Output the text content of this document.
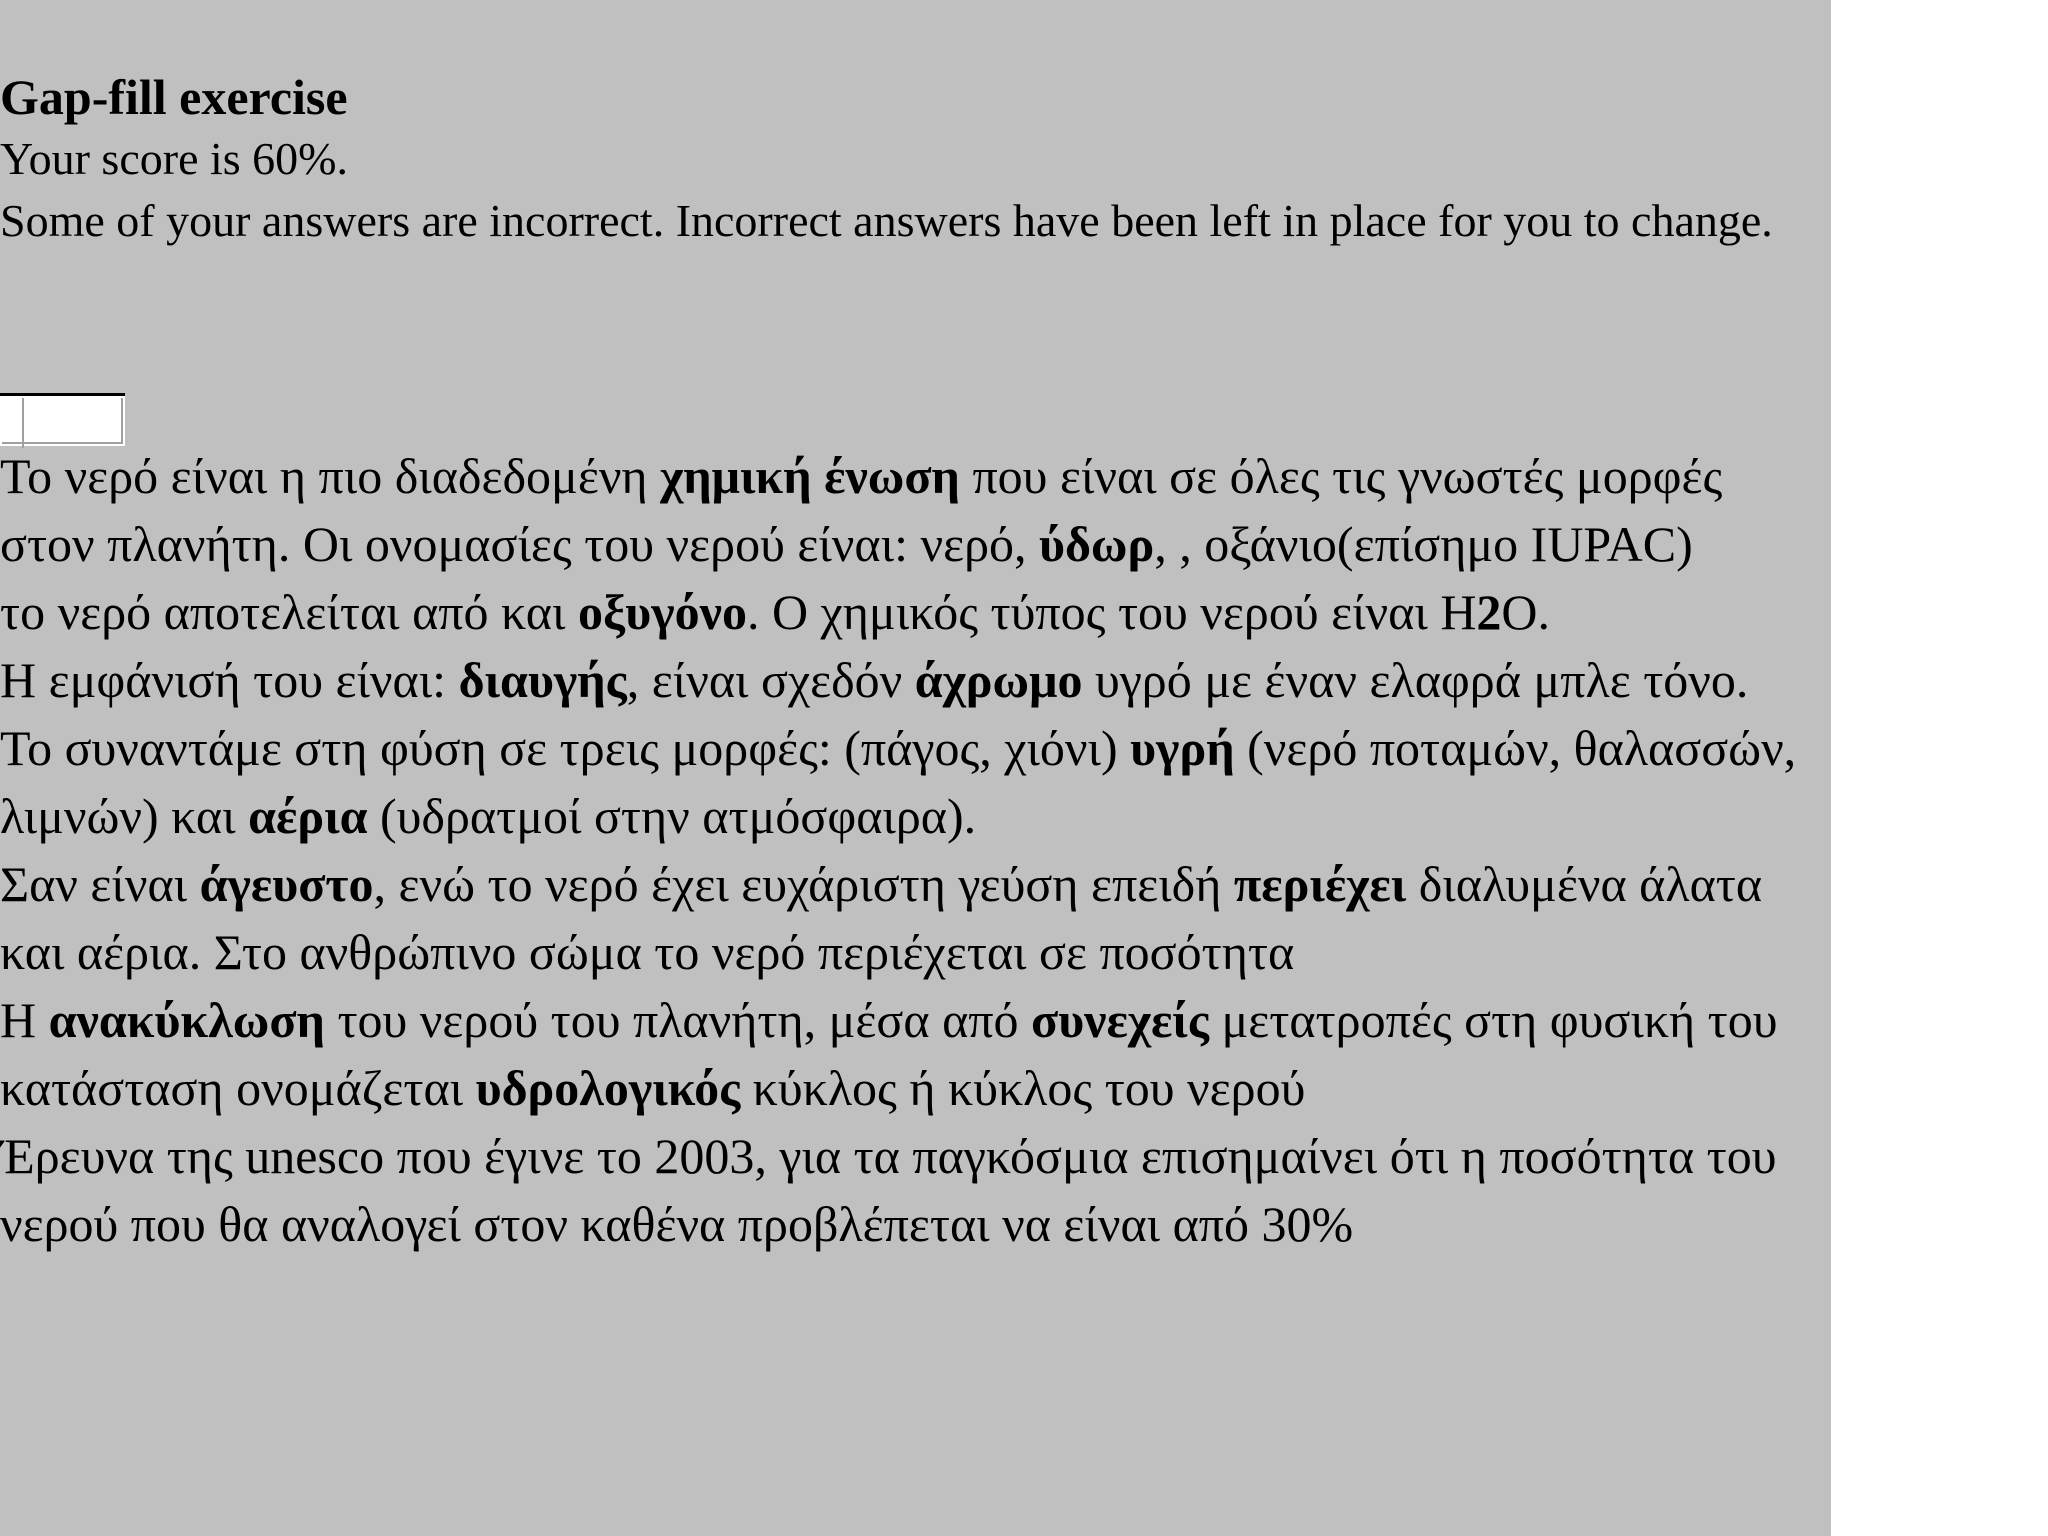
Gap-fill exercise

Your score is 60%.

Some of your answers are incorrect. Incorrect answers have been left in place for you to change.

Το νερό είναι η πιο διαδεδομένη χημική ένωση που είναι σε όλες τις γνωστές μορφές στον πλανήτη. Οι ονομασίες του νερού είναι: νερό, ύδωρ, , οξάνιο(επίσημο IUPAC)

το νερό αποτελείται από και οξυγόνο. Ο χημικός τύπος του νερού είναι Η2O.

Η εμφάνισή του είναι: διαυγής, είναι σχεδόν άχρωμο υγρό με έναν ελαφρά μπλε τόνο.

Το συναντάμε στη φύση σε τρεις μορφές: (πάγος, χιόνι) υγρή (νερό ποταμών, θαλασσών, λιμνών) και αέρια (υδρατμοί στην ατμόσφαιρα).

Σαν είναι άγευστο, ενώ το νερό έχει ευχάριστη γεύση επειδή περιέχει διαλυμένα άλατα και αέρια. Στο ανθρώπινο σώμα το νερό περιέχεται σε ποσότητα

Η ανακύκλωση του νερού του πλανήτη, μέσα από συνεχείς μετατροπές στη φυσική του κατάσταση ονομάζεται υδρολογικός κύκλος ή κύκλος του νερού

Έρευνα της unesco που έγινε το 2003, για τα παγκόσμια επισημαίνει ότι η ποσότητα του νερού που θα αναλογεί στον καθένα προβλέπεται να είναι από 30%
